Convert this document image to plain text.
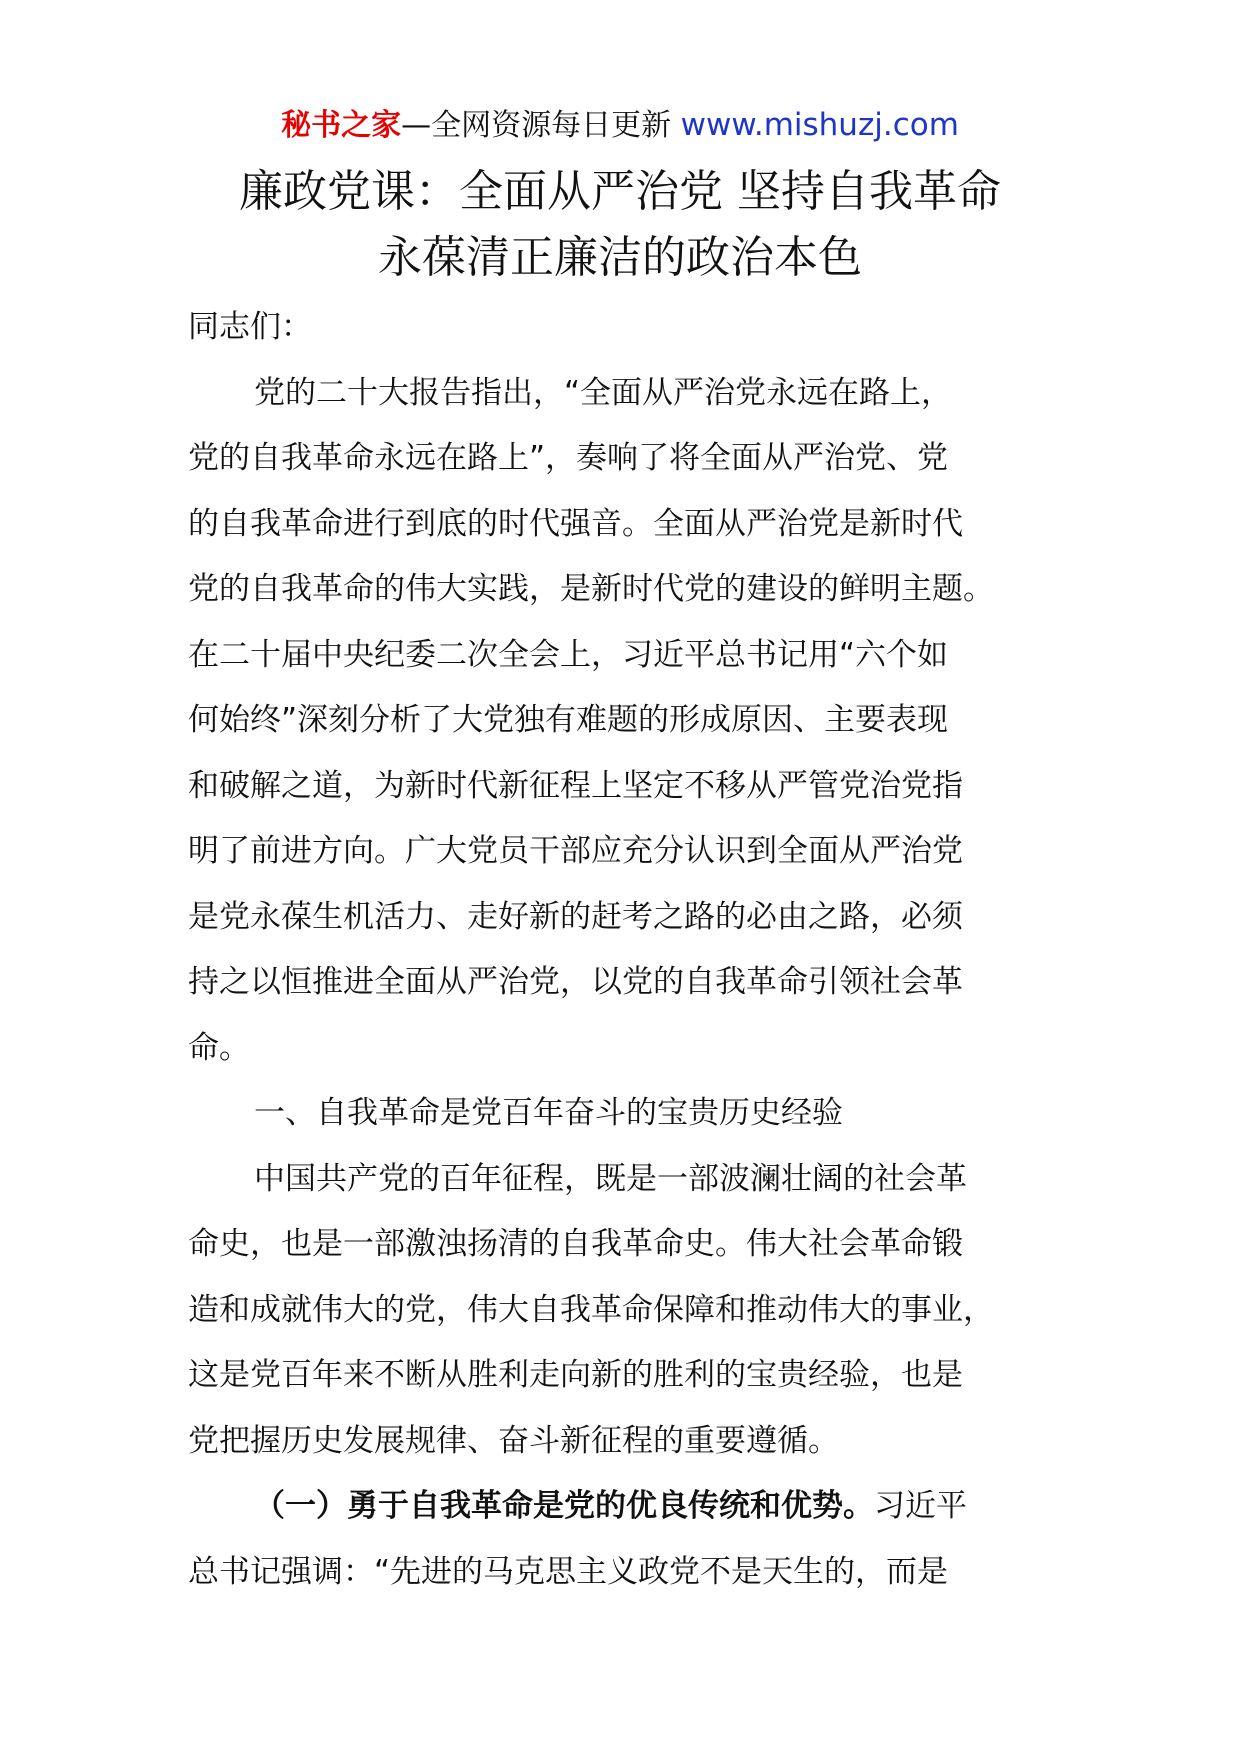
秘书之家—全网资源每日更新 www.mishuzj.com
廉政党课：全面从严治党 坚持自我革命
永葆清正廉洁的政治本色

同志们：

党的二十大报告指出，“全面从严治党永远在路上，

党的自我革命永远在路上”，奏响了将全面从严治党、党

的自我革命进行到底的时代强音。全面从严治党是新时代

党的自我革命的伟大实践，是新时代党的建设的鲜明主题。

在二十届中央纪委二次全会上，习近平总书记用“六个如

何始终”深刻分析了大党独有难题的形成原因、主要表现

和破解之道，为新时代新征程上坚定不移从严管党治党指

明了前进方向。广大党员干部应充分认识到全面从严治党

是党永葆生机活力、走好新的赶考之路的必由之路，必须

持之以恒推进全面从严治党，以党的自我革命引领社会革

命。

一、自我革命是党百年奋斗的宝贵历史经验

中国共产党的百年征程，既是一部波澜壮阔的社会革

命史，也是一部激浊扬清的自我革命史。伟大社会革命锻

造和成就伟大的党，伟大自我革命保障和推动伟大的事业，

这是党百年来不断从胜利走向新的胜利的宝贵经验，也是

党把握历史发展规律、奋斗新征程的重要遵循。

（一）勇于自我革命是党的优良传统和优势。习近平

总书记强调：“先进的马克思主义政党不是天生的，而是
